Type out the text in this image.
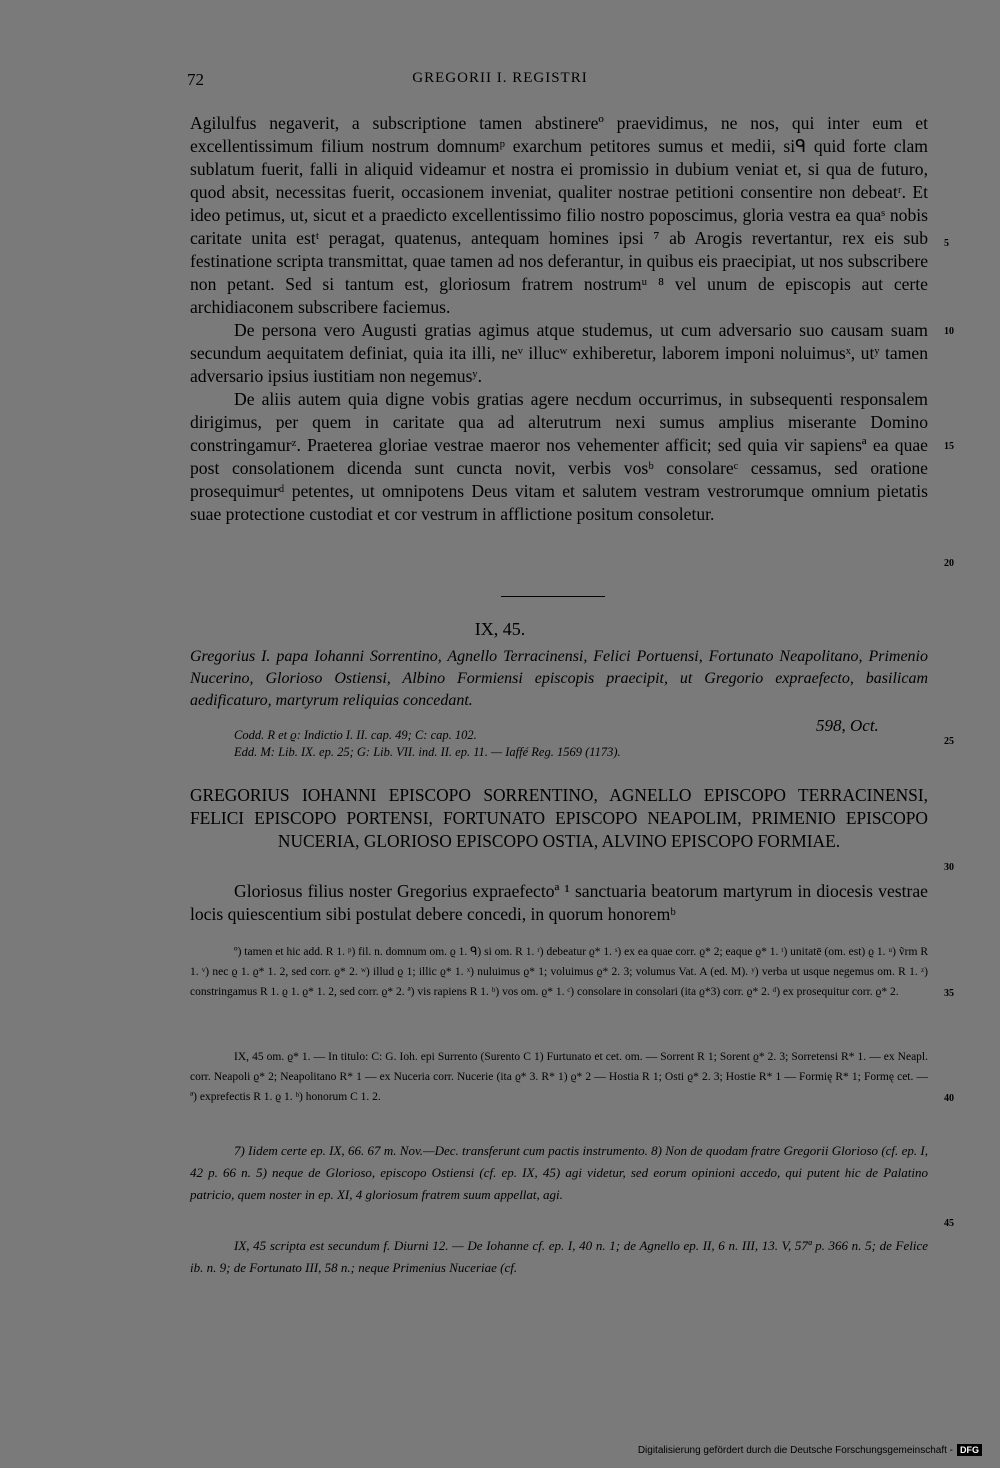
72	GREGORII I. REGISTRI

Agilulfus negaverit, a subscriptione tamen abstinereº praevidimus, ne nos, qui inter eum et excellentissimum filium nostrum domnumᵖ exarchum petitores sumus et medii, siᑫ quid forte clam sublatum fuerit, falli in aliquid videamur et nostra ei promissio in dubium veniat et, si qua de futuro, quod absit, necessitas fuerit, occasionem inveniat, qualiter nostrae petitioni consentire non debeatʳ. Et ideo petimus, ut, sicut et a praedicto excellentissimo filio nostro poposcimus, gloria vestra ea quaˢ nobis caritate unita estᵗ peragat, quatenus, antequam homines ipsi ⁷ ab Arogis revertantur, rex eis sub festinatione scripta transmittat, quae tamen ad nos deferantur, in quibus eis praecipiat, ut nos subscribere non petant. Sed si tantum est, gloriosum fratrem nostrumᵘ ⁸ vel unum de episcopis aut certe archidiaconem subscribere faciemus.

De persona vero Augusti gratias agimus atque studemus, ut cum adversario suo causam suam secundum aequitatem definiat, quia ita illi, neᵛ illucʷ exhiberetur, laborem imponi noluimusˣ, utʸ tamen adversario ipsius iustitiam non negemusʸ.

De aliis autem quia digne vobis gratias agere necdum occurrimus, in subsequenti responsalem dirigimus, per quem in caritate qua ad alterutrum nexi sumus amplius miserante Domino constringamurᶻ. Praeterea gloriae vestrae maeror nos vehementer afficit; sed quia vir sapiensª ea quae post consolationem dicenda sunt cuncta novit, verbis vosᵇ consolareᶜ cessamus, sed oratione prosequimurᵈ petentes, ut omnipotens Deus vitam et salutem vestram vestrorumque omnium pietatis suae protectione custodiat et cor vestrum in afflictione positum consoletur.

5
10
15
20
25
30
35
40
45
IX, 45.

Gregorius I. papa Iohanni Sorrentino, Agnello Terracinensi, Felici Portuensi, Fortunato Neapolitano, Primenio Nucerino, Glorioso Ostiensi, Albino Formiensi episcopis praecipit, ut Gregorio expraefecto, basilicam aedificaturo, martyrum reliquias concedant.

598, Oct.
Codd. R et ϱ: Indictio I. II. cap. 49; C: cap. 102.
Edd. M: Lib. IX. ep. 25; G: Lib. VII. ind. II. ep. 11. — Iaffé Reg. 1569 (1173).
GREGORIUS IOHANNI EPISCOPO SORRENTINO, AGNELLO EPISCOPO TERRACINENSI, FELICI EPISCOPO PORTENSI, FORTUNATO EPISCOPO NEAPOLIM, PRIMENIO EPISCOPO NUCERIA, GLORIOSO EPISCOPO OSTIA, ALVINO EPISCOPO FORMIAE.

Gloriosus filius noster Gregorius expraefectoª ¹ sanctuaria beatorum martyrum in diocesis vestrae locis quiescentium sibi postulat debere concedi, in quorum honoremᵇ

º) tamen et hic add. R 1. ᵖ) fil. n. domnum om. ϱ 1. ᑫ) si om. R 1. ʳ) debeatur ϱ* 1. ˢ) ex ea quae corr. ϱ* 2; eaque ϱ* 1. ᵗ) unitatē (om. est) ϱ 1. ᵘ) ṽrm R 1. ᵛ) nec ϱ 1. ϱ* 1. 2, sed corr. ϱ* 2. ʷ) illud ϱ 1; illic ϱ* 1. ˣ) nuluimus ϱ* 1; voluimus ϱ* 2. 3; volumus Vat. A (ed. M). ʸ) verba ut usque negemus om. R 1. ᶻ) constringamus R 1. ϱ 1. ϱ* 1. 2, sed corr. ϱ* 2. ª) vis rapiens R 1. ᵇ) vos om. ϱ* 1. ᶜ) consolare in consolari (ita ϱ*3) corr. ϱ* 2. ᵈ) ex prosequitur corr. ϱ* 2.

IX, 45 om. ϱ* 1. — In titulo: C: G. Ioh. epi Surrento (Surento C 1) Furtunato et cet. om. — Sorrent R 1; Sorent ϱ* 2. 3; Sorretensi R* 1. — ex Neapl. corr. Neapoli ϱ* 2; Neapolitano R* 1 — ex Nuceria corr. Nucerie (ita ϱ* 3. R* 1) ϱ* 2 — Hostia R 1; Osti ϱ* 2. 3; Hostie R* 1 — Formię R* 1; Formę cet. — ª) exprefectis R 1. ϱ 1. ᵇ) honorum C 1. 2.

7) Iidem certe ep. IX, 66. 67 m. Nov.—Dec. transferunt cum pactis instrumento. 8) Non de quodam fratre Gregorii Glorioso (cf. ep. I, 42 p. 66 n. 5) neque de Glorioso, episcopo Ostiensi (cf. ep. IX, 45) agi videtur, sed eorum opinioni accedo, qui putent hic de Palatino patricio, quem noster in ep. XI, 4 gloriosum fratrem suum appellat, agi.

IX, 45 scripta est secundum f. Diurni 12. — De Iohanne cf. ep. I, 40 n. 1; de Agnello ep. II, 6 n. III, 13. V, 57ª p. 366 n. 5; de Felice ib. n. 9; de Fortunato III, 58 n.; neque Primenius Nuceriae (cf.

Digitalisierung gefördert durch die Deutsche Forschungsgemeinschaft - DFG
